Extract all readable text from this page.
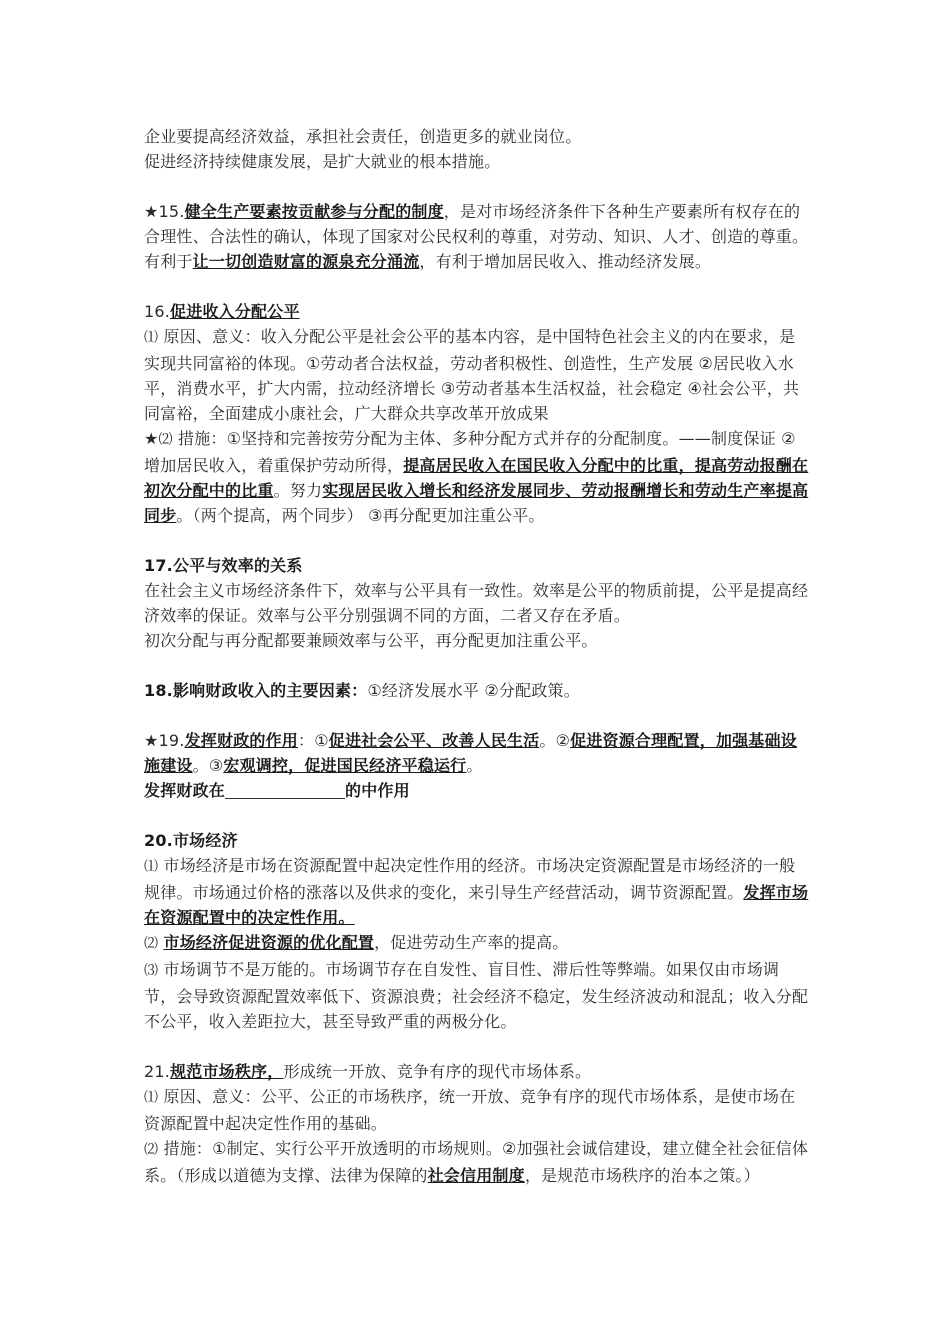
企业要提高经济效益，承担社会责任，创造更多的就业岗位。

促进经济持续健康发展，是扩大就业的根本措施。

★15.健全生产要素按贡献参与分配的制度，是对市场经济条件下各种生产要素所有权存在的合理性、合法性的确认，体现了国家对公民权利的尊重，对劳动、知识、人才、创造的尊重。有利于让一切创造财富的源泉充分涌流，有利于增加居民收入、推动经济发展。

16.促进收入分配公平

⑴ 原因、意义：收入分配公平是社会公平的基本内容，是中国特色社会主义的内在要求，是实现共同富裕的体现。①劳动者合法权益，劳动者积极性、创造性，生产发展 ②居民收入水平，消费水平，扩大内需，拉动经济增长 ③劳动者基本生活权益，社会稳定 ④社会公平，共同富裕，全面建成小康社会，广大群众共享改革开放成果

★⑵ 措施：①坚持和完善按劳分配为主体、多种分配方式并存的分配制度。——制度保证 ②增加居民收入，着重保护劳动所得，提高居民收入在国民收入分配中的比重，提高劳动报酬在初次分配中的比重。努力实现居民收入增长和经济发展同步、劳动报酬增长和劳动生产率提高同步。（两个提高，两个同步） ③再分配更加注重公平。

17.公平与效率的关系

在社会主义市场经济条件下，效率与公平具有一致性。效率是公平的物质前提，公平是提高经济效率的保证。效率与公平分别强调不同的方面，二者又存在矛盾。

初次分配与再分配都要兼顾效率与公平，再分配更加注重公平。

18.影响财政收入的主要因素：①经济发展水平 ②分配政策。

★19.发挥财政的作用：①促进社会公平、改善人民生活。②促进资源合理配置，加强基础设施建设。③宏观调控，促进国民经济平稳运行。

发挥财政在	的中作用

20.市场经济

⑴ 市场经济是市场在资源配置中起决定性作用的经济。市场决定资源配置是市场经济的一般规律。市场通过价格的涨落以及供求的变化，来引导生产经营活动，调节资源配置。发挥市场在资源配置中的决定性作用。

⑵ 市场经济促进资源的优化配置，促进劳动生产率的提高。

⑶ 市场调节不是万能的。市场调节存在自发性、盲目性、滞后性等弊端。如果仅由市场调节，会导致资源配置效率低下、资源浪费；社会经济不稳定，发生经济波动和混乱；收入分配不公平，收入差距拉大，甚至导致严重的两极分化。

21.规范市场秩序，形成统一开放、竞争有序的现代市场体系。

⑴ 原因、意义：公平、公正的市场秩序，统一开放、竞争有序的现代市场体系，是使市场在资源配置中起决定性作用的基础。

⑵ 措施：①制定、实行公平开放透明的市场规则。②加强社会诚信建设，建立健全社会征信体系。（形成以道德为支撑、法律为保障的社会信用制度，是规范市场秩序的治本之策。）
